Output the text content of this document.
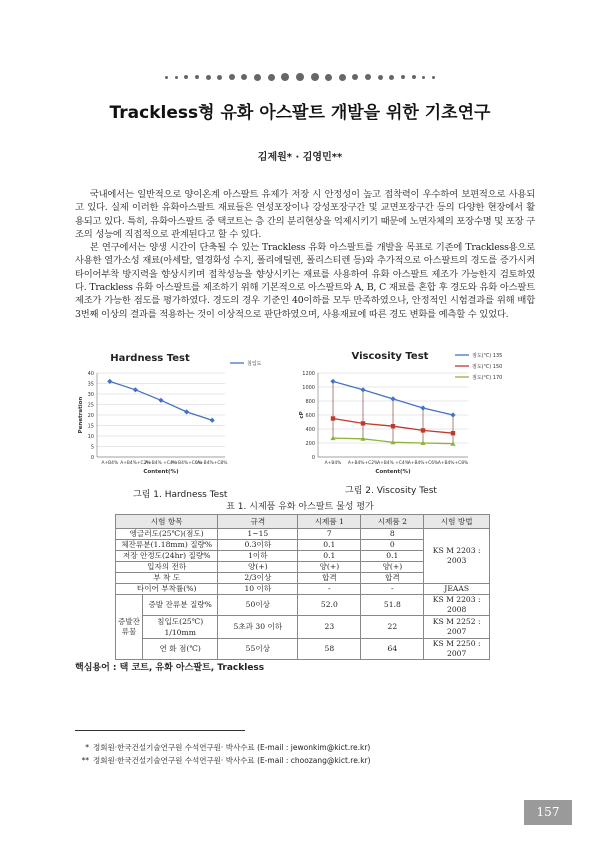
Trackless형 유화 아스팔트 개발을 위한 기초연구
김제원* · 김영민**

국내에서는 일반적으로 양이온계 아스팔트 유제가 저장 시 안정성이 높고 접착력이 우수하여 보편적으로 사용되고 있다. 실제 이러한 유화아스팔트 재료들은 연성포장이나 강성포장구간 및 교면포장구간 등의 다양한 현장에서 활용되고 있다. 특히, 유화아스팔트 중 택코트는 층 간의 분리현상을 억제시키기 때문에 노면자체의 포장수명 및 포장 구조의 성능에 직접적으로 관계된다고 할 수 있다.

본 연구에서는 양생 시간이 단축될 수 있는 Trackless 유화 아스팔트를 개발을 목표로 기존에 Trackless용으로 사용한 열가소성 재료(아세탈, 열경화성 수지, 폴리에틸렌, 폴리스티렌 등)와 추가적으로 아스팔트의 경도를 증가시켜 타이어부착 방지력을 향상시키며 접착성능을 향상시키는 재료를 사용하여 유화 아스팔트 제조가 가능한지 검토하였다. Trackless 유화 아스팔트를 제조하기 위해 기본적으로 아스팔트와 A, B, C 재료를 혼합 후 경도와 유화 아스팔트 제조가 가능한 점도를 평가하였다. 경도의 경우 기준인 40이하를 모두 만족하였으나, 안정적인 시험결과를 위해 배합 3번째 이상의 결과를 적용하는 것이 이상적으로 판단하였으며, 사용재료에 따른 경도 변화를 예측할 수 있었다.

Hardness Test
0
5
10
15
20
25
30
35
40
A+B4% A+B4%+C2%
A+B4% +C4%
A+B4%+C6%
A+B4%+C8%
Content(%)
Penetration
침입도
Viscosity Test
0
200
400
600
800
1000
1200
A+B4% A+B4%+C2%
A+B4% +C4%
A+B4%+C6% A+B4%+C8%
Content(%)
cP
점도(℃) 135
점도(℃) 150
점도(℃) 170
그림 1. Hardness Test	그림 2. Viscosity Test
표 1. 시제품 유화 아스팔트 물성 평가
시험 항목		규격	시제품 1	시제품 2	시험 방법
엥글러도(25℃)(점도)		1~15	7	8	KS M 2203 : 2003
체잔류분(1.18mm) 질량%		0.3이하	0.1	0	
저장 안정도(24hr) 질량%		1이하	0.1	0.1	
입자의 전하		양(+)	양(+)	양(+)	
부 착 도		2/3이상	합격	합격	
타이어 부착률(%)		10 이하	-	-	JEAAS
증발잔류물	증발 잔류분 질량%	50이상	52.0	51.8	KS M 2203 : 2008
	침입도(25℃) 1/10mm	5초과 30 이하	23	22	KS M 2252 : 2007
	연 화 점(℃)	55이상	58	64	KS M 2250 : 2007
핵심용어 : 택 코트, 유화 아스팔트, Trackless
* 정회원·한국건설기술연구원 수석연구원· 박사수료 (E-mail : jewonkim@kict.re.kr)
** 정회원·한국건설기술연구원 수석연구원· 박사수료 (E-mail : choozang@kict.re.kr)
157
